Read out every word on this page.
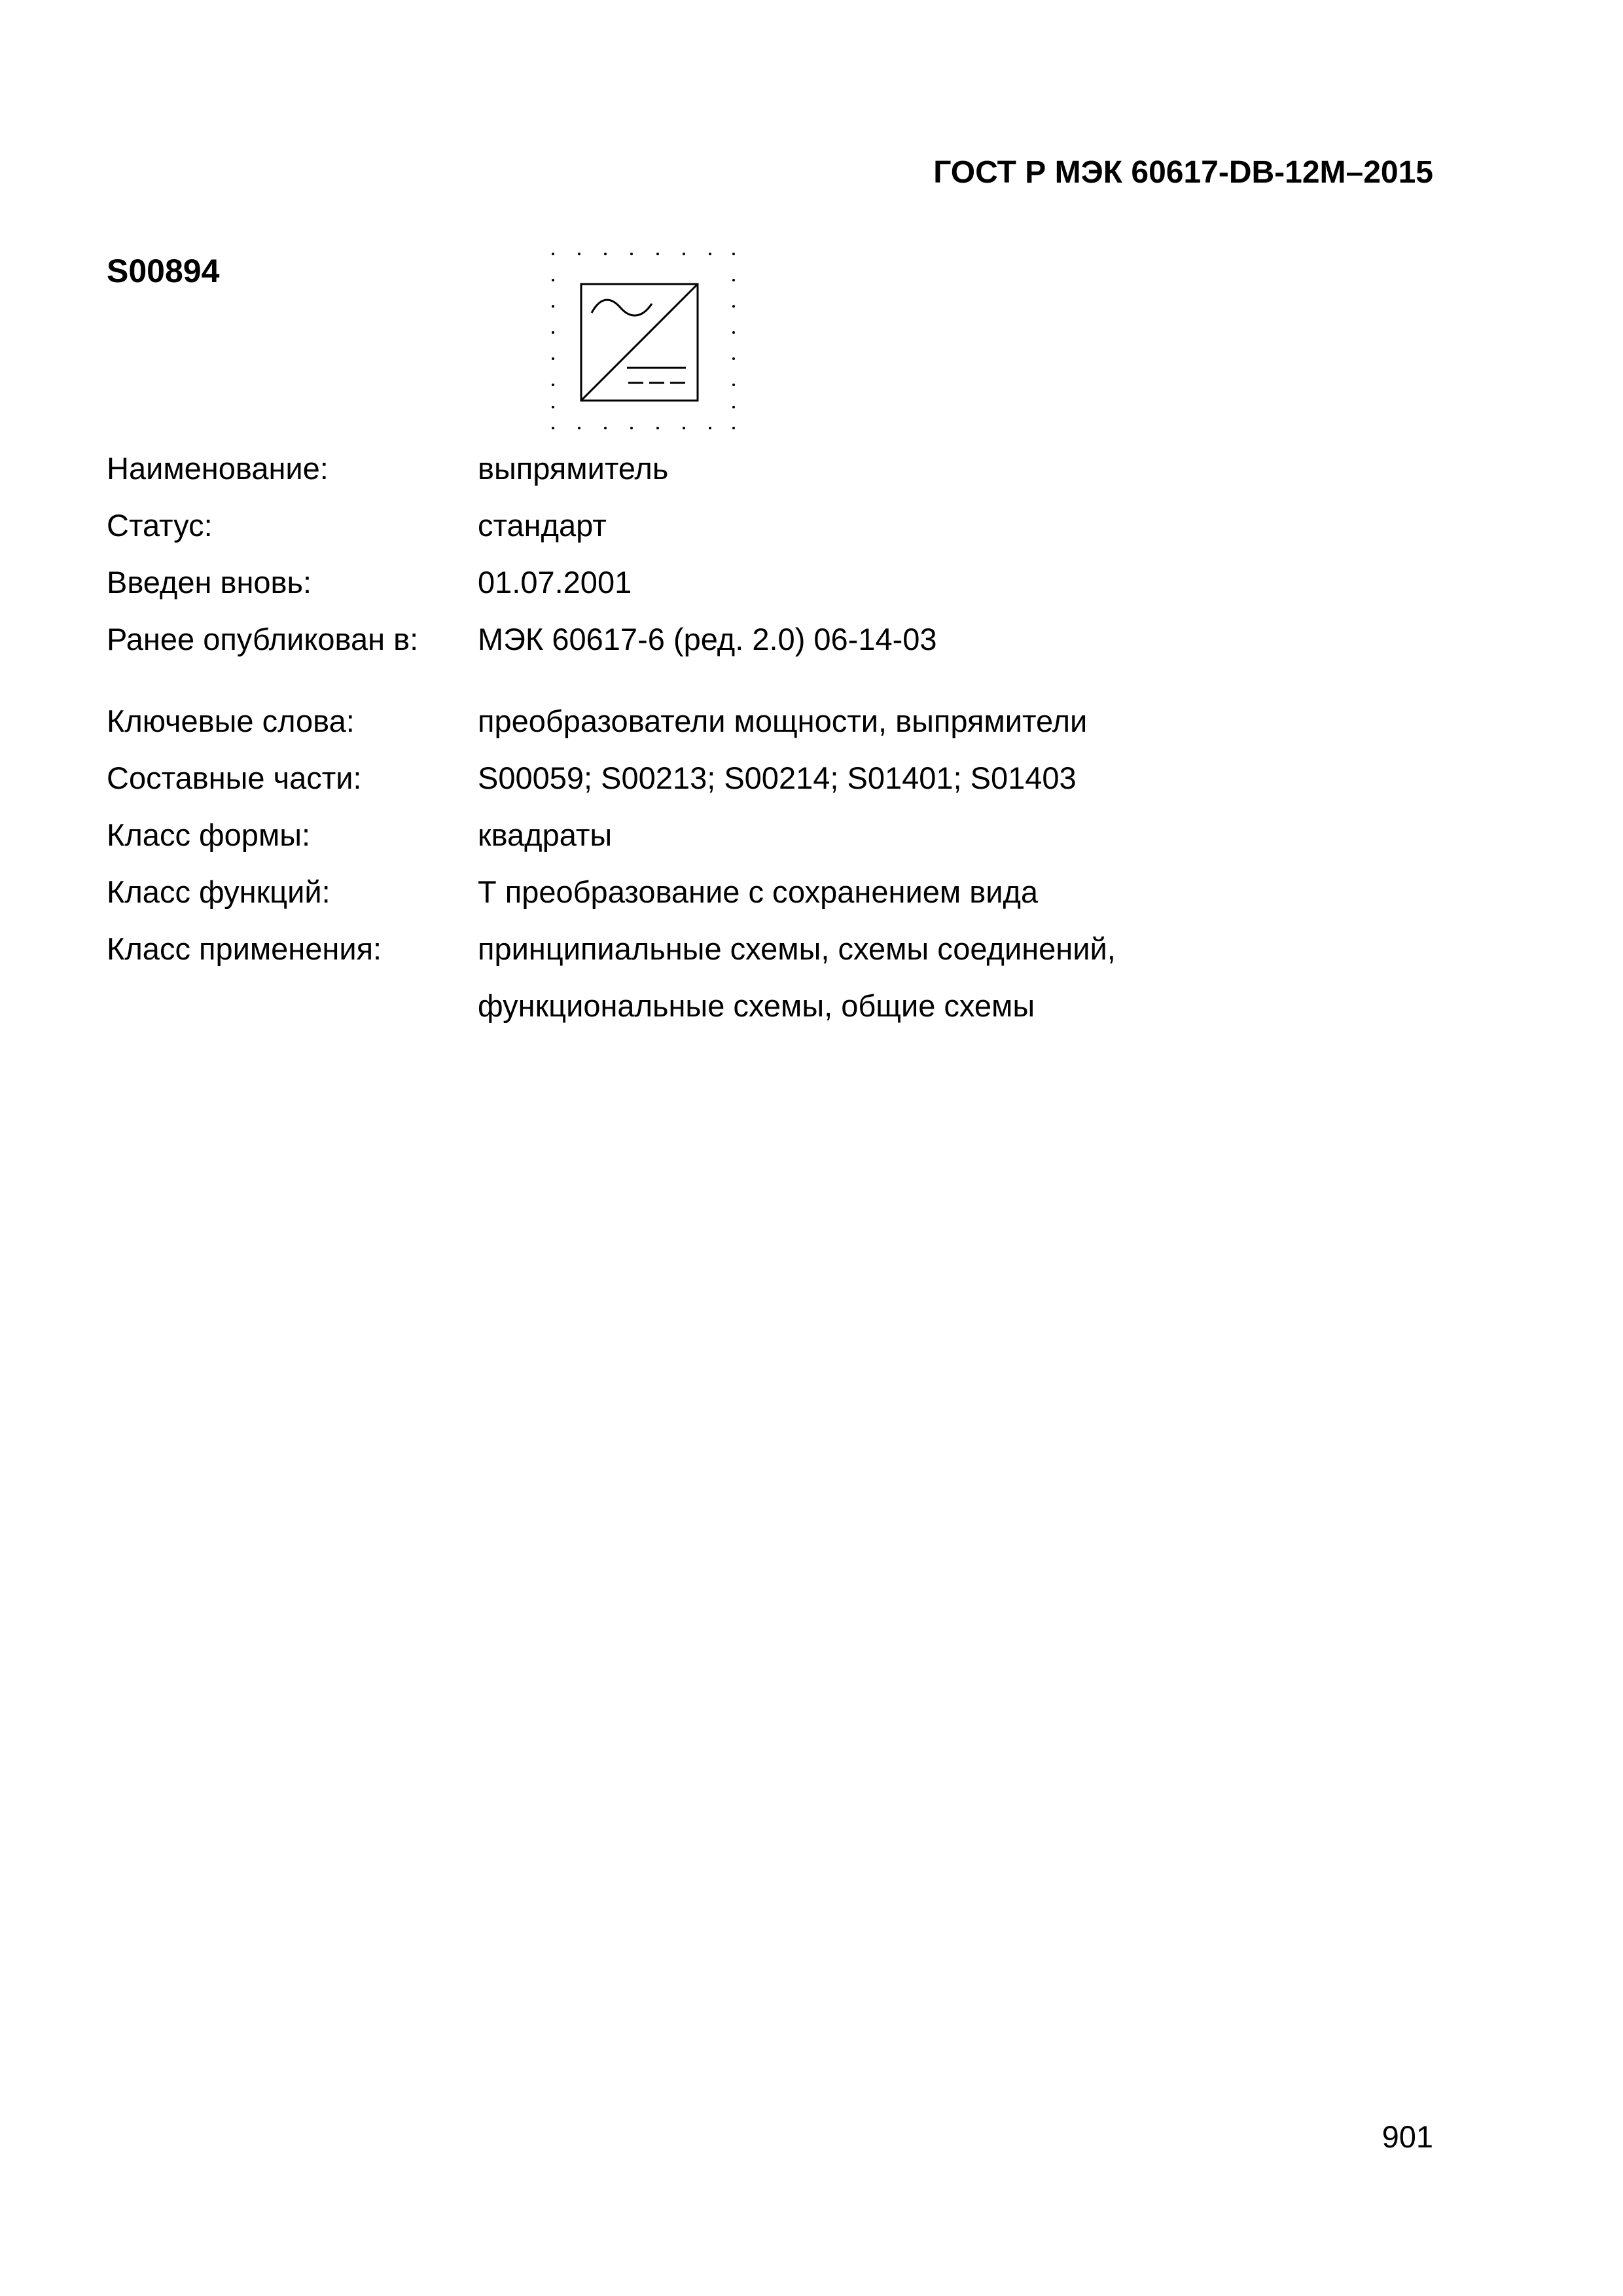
ГОСТ Р МЭК 60617-DB-12M–2015
S00894
Наименование:	выпрямитель
Статус:	стандарт
Введен вновь:	01.07.2001
Ранее опубликован в:	МЭК 60617-6 (ред. 2.0) 06-14-03
Ключевые слова:	преобразователи мощности, выпрямители
Составные части:	S00059; S00213; S00214; S01401; S01403
Класс формы:	квадраты
Класс функций:	Т преобразование с сохранением вида
Класс применения:	принципиальные схемы, схемы соединений,
функциональные схемы, общие схемы
901
